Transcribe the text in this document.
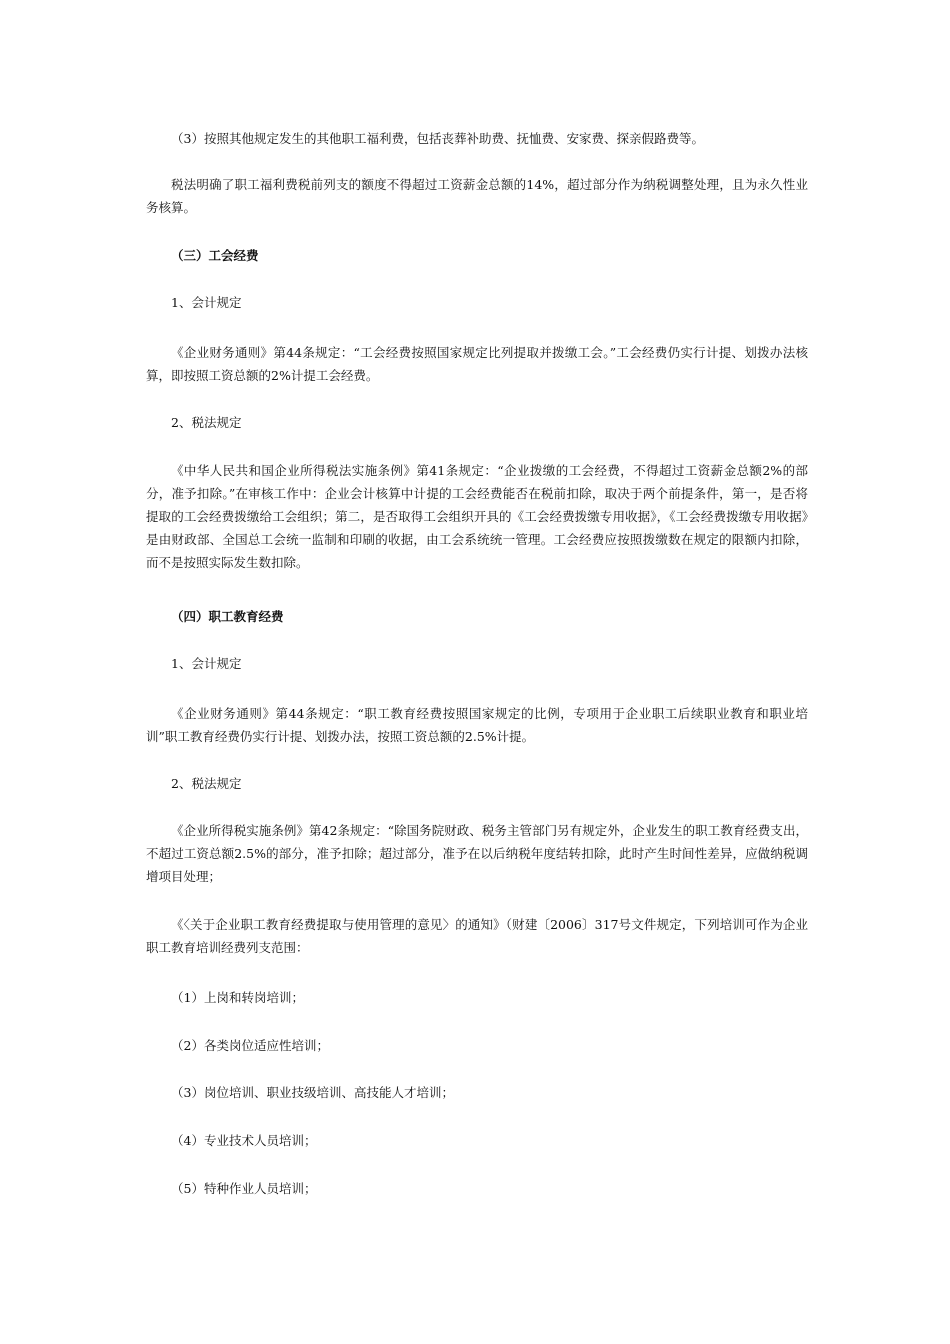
（3）按照其他规定发生的其他职工福利费，包括丧葬补助费、抚恤费、安家费、探亲假路费等。

税法明确了职工福利费税前列支的额度不得超过工资薪金总额的14%，超过部分作为纳税调整处理，且为永久性业务核算。

（三）工会经费

1、会计规定

《企业财务通则》第44条规定：“工会经费按照国家规定比列提取并拨缴工会。”工会经费仍实行计提、划拨办法核算，即按照工资总额的2%计提工会经费。

2、税法规定

《中华人民共和国企业所得税法实施条例》第41条规定：“企业拨缴的工会经费，不得超过工资薪金总额2%的部分，准予扣除。”在审核工作中：企业会计核算中计提的工会经费能否在税前扣除，取决于两个前提条件，第一，是否将提取的工会经费拨缴给工会组织；第二，是否取得工会组织开具的《工会经费拨缴专用收据》，《工会经费拨缴专用收据》是由财政部、全国总工会统一监制和印刷的收据，由工会系统统一管理。工会经费应按照拨缴数在规定的限额内扣除，而不是按照实际发生数扣除。

（四）职工教育经费

1、会计规定

《企业财务通则》第44条规定：“职工教育经费按照国家规定的比例，专项用于企业职工后续职业教育和职业培训”职工教育经费仍实行计提、划拨办法，按照工资总额的2.5%计提。

2、税法规定

《企业所得税实施条例》第42条规定：“除国务院财政、税务主管部门另有规定外，企业发生的职工教育经费支出，不超过工资总额2.5%的部分，准予扣除；超过部分，准予在以后纳税年度结转扣除，此时产生时间性差异，应做纳税调增项目处理；

《〈关于企业职工教育经费提取与使用管理的意见〉的通知》（财建〔2006〕317号文件规定，下列培训可作为企业职工教育培训经费列支范围：

（1）上岗和转岗培训；

（2）各类岗位适应性培训；

（3）岗位培训、职业技级培训、高技能人才培训；

（4）专业技术人员培训；

（5）特种作业人员培训；
